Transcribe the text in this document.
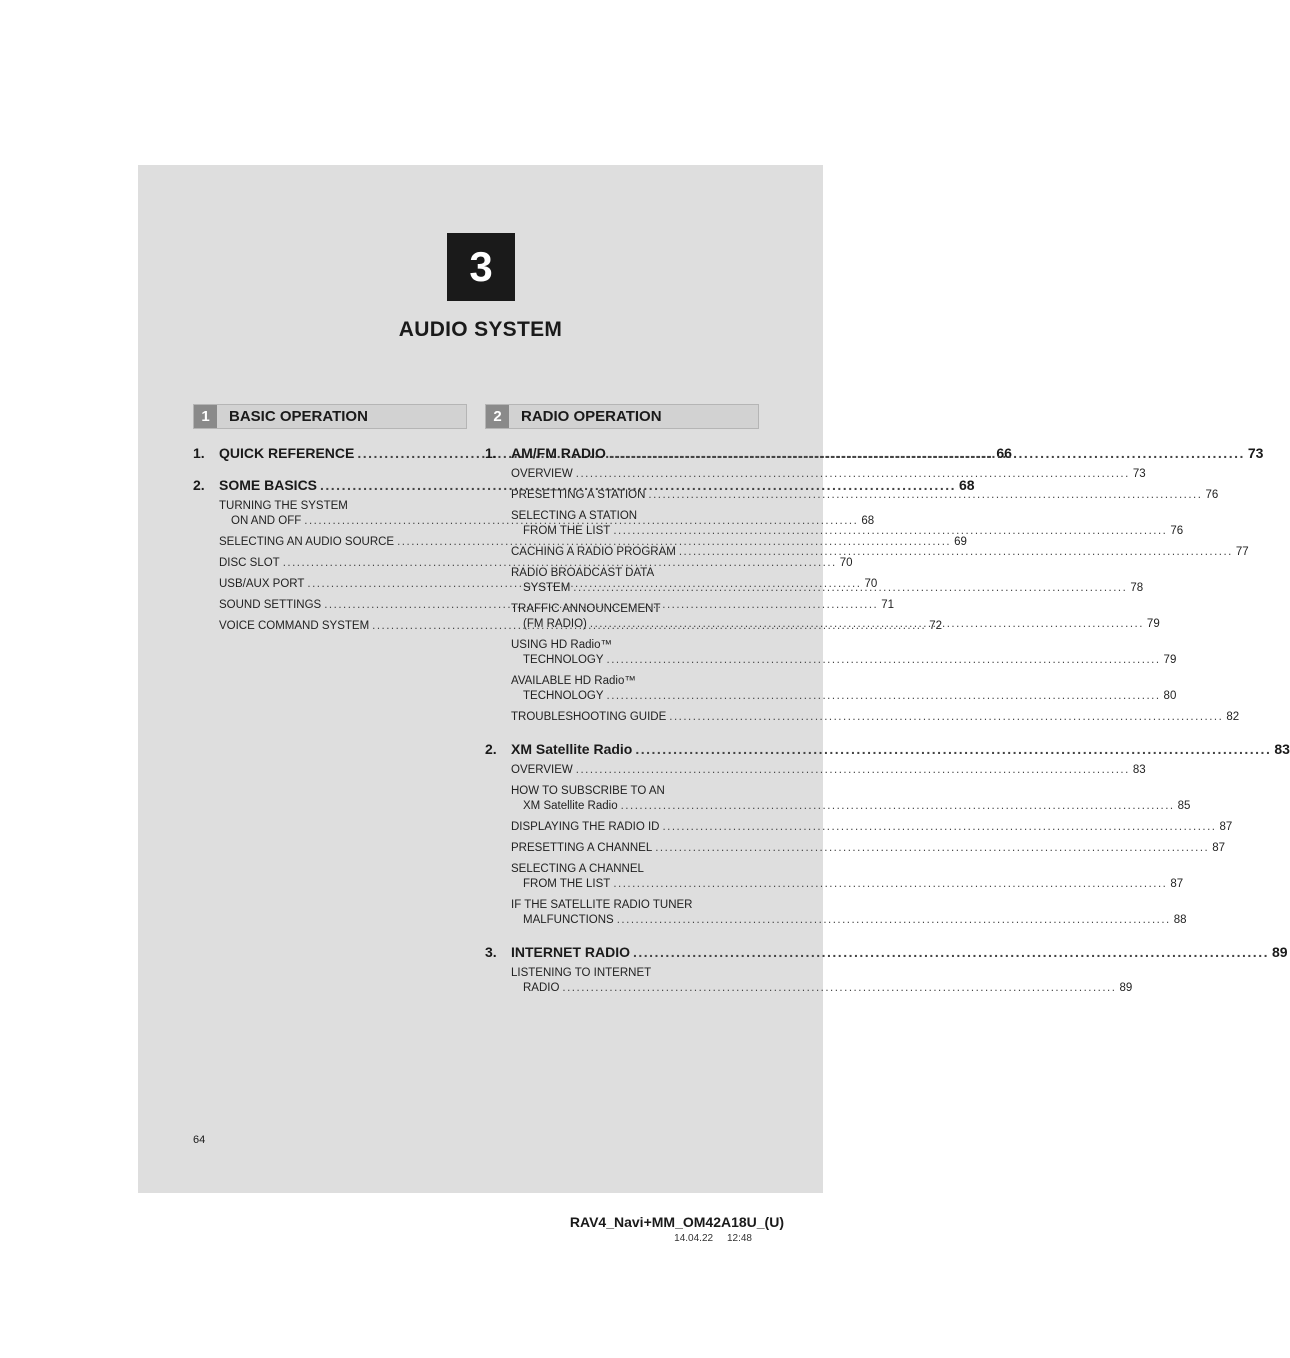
3
AUDIO SYSTEM
1	BASIC OPERATION
1.	QUICK REFERENCE .....	66
2.	SOME BASICS .....	68
TURNING THE SYSTEM
ON AND OFF .....	68
SELECTING AN AUDIO SOURCE .....	69
DISC SLOT .....	70
USB/AUX PORT .....	70
SOUND SETTINGS .....	71
VOICE COMMAND SYSTEM .....	72
2	RADIO OPERATION
1.	AM/FM RADIO .....	73
OVERVIEW .....	73
PRESETTING A STATION .....	76
SELECTING A STATION
FROM THE LIST .....	76
CACHING A RADIO PROGRAM .....	77
RADIO BROADCAST DATA
SYSTEM .....	78
TRAFFIC ANNOUNCEMENT
(FM RADIO) .....	79
USING HD Radio™
TECHNOLOGY .....	79
AVAILABLE HD Radio™
TECHNOLOGY .....	80
TROUBLESHOOTING GUIDE .....	82
2.	XM Satellite Radio .....	83
OVERVIEW .....	83
HOW TO SUBSCRIBE TO AN
XM Satellite Radio .....	85
DISPLAYING THE RADIO ID .....	87
PRESETTING A CHANNEL .....	87
SELECTING A CHANNEL
FROM THE LIST .....	87
IF THE SATELLITE RADIO TUNER
MALFUNCTIONS .....	88
3.	INTERNET RADIO .....	89
LISTENING TO INTERNET
RADIO .....	89
64
RAV4_Navi+MM_OM42A18U_(U)
14.04.22     12:48
